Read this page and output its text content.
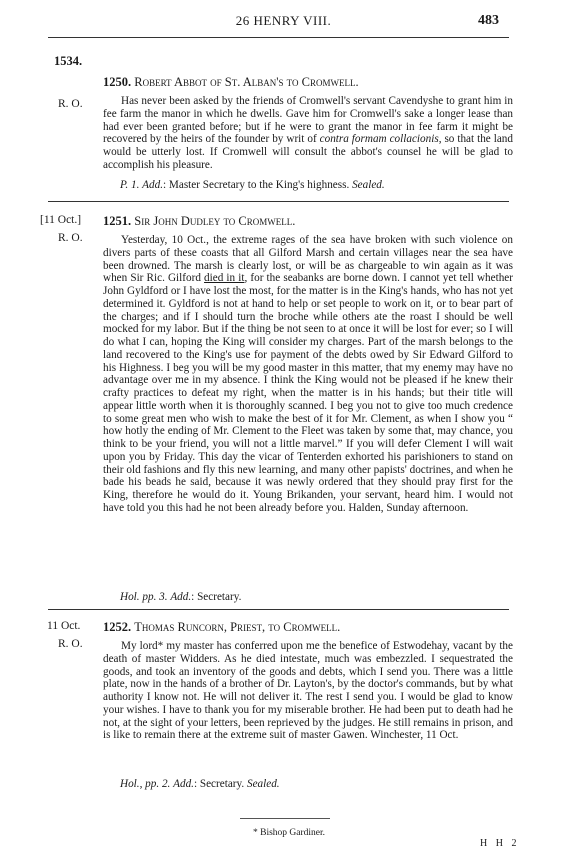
26 HENRY VIII.	483
1534.
R. O.
1250. Robert Abbot of St. Alban's to Cromwell.

Has never been asked by the friends of Cromwell's servant Cavendyshe to grant him in fee farm the manor in which he dwells. Gave him for Cromwell's sake a longer lease than had ever been granted before; but if he were to grant the manor in fee farm it might be recovered by the heirs of the founder by writ of contra formam collacionis, so that the land would be utterly lost. If Cromwell will consult the abbot's counsel he will be glad to accomplish his pleasure.

P. 1. Add.: Master Secretary to the King's highness. Sealed.
[11 Oct.]
R. O.
1251. Sir John Dudley to Cromwell.

Yesterday, 10 Oct., the extreme rages of the sea have broken with such violence on divers parts of these coasts that all Gilford Marsh and certain villages near the sea have been drowned. The marsh is clearly lost, or will be as chargeable to win again as it was when Sir Ric. Gilford died in it, for the seabanks are borne down. I cannot yet tell whether John Gyldford or I have lost the most, for the matter is in the King's hands, who has not yet determined it. Gyldford is not at hand to help or set people to work on it, or to bear part of the charges; and if I should turn the broche while others ate the roast I should be well mocked for my labor. But if the thing be not seen to at once it will be lost for ever; so I will do what I can, hoping the King will consider my charges. Part of the marsh belongs to the land recovered to the King's use for payment of the debts owed by Sir Edward Gilford to his Highness. I beg you will be my good master in this matter, that my enemy may have no advantage over me in my absence. I think the King would not be pleased if he knew their crafty practices to defeat my right, when the matter is in his hands; but their title will appear little worth when it is thoroughly scanned. I beg you not to give too much credence to some great men who wish to make the best of it for Mr. Clement, as when I show you “ how hotly the ending of Mr. Clement to the Fleet was taken by some that, may chance, you think to be your friend, you will not a little marvel.” If you will defer Clement I will wait upon you by Friday. This day the vicar of Tenterden exhorted his parishioners to stand on their old fashions and fly this new learning, and many other papists' doctrines, and when he bade his beads he said, because it was newly ordered that they should pray first for the King, therefore he would do it. Young Brikanden, your servant, heard him. I would not have told you this had he not been already before you. Halden, Sunday afternoon.

Hol. pp. 3. Add.: Secretary.
11 Oct.
R. O.
1252. Thomas Runcorn, Priest, to Cromwell.

My lord* my master has conferred upon me the benefice of Estwodehay, vacant by the death of master Widders. As he died intestate, much was embezzled. I sequestrated the goods, and took an inventory of the goods and debts, which I send you. There was a little plate, now in the hands of a brother of Dr. Layton's, by the doctor's commands, but by what authority I know not. He will not deliver it. The rest I send you. I would be glad to know your wishes. I have to thank you for my miserable brother. He had been put to death had he not, at the sight of your letters, been reprieved by the judges. He still remains in prison, and is like to remain there at the extreme suit of master Gawen. Winchester, 11 Oct.

Hol., pp. 2. Add.: Secretary. Sealed.
* Bishop Gardiner.
H H 2
